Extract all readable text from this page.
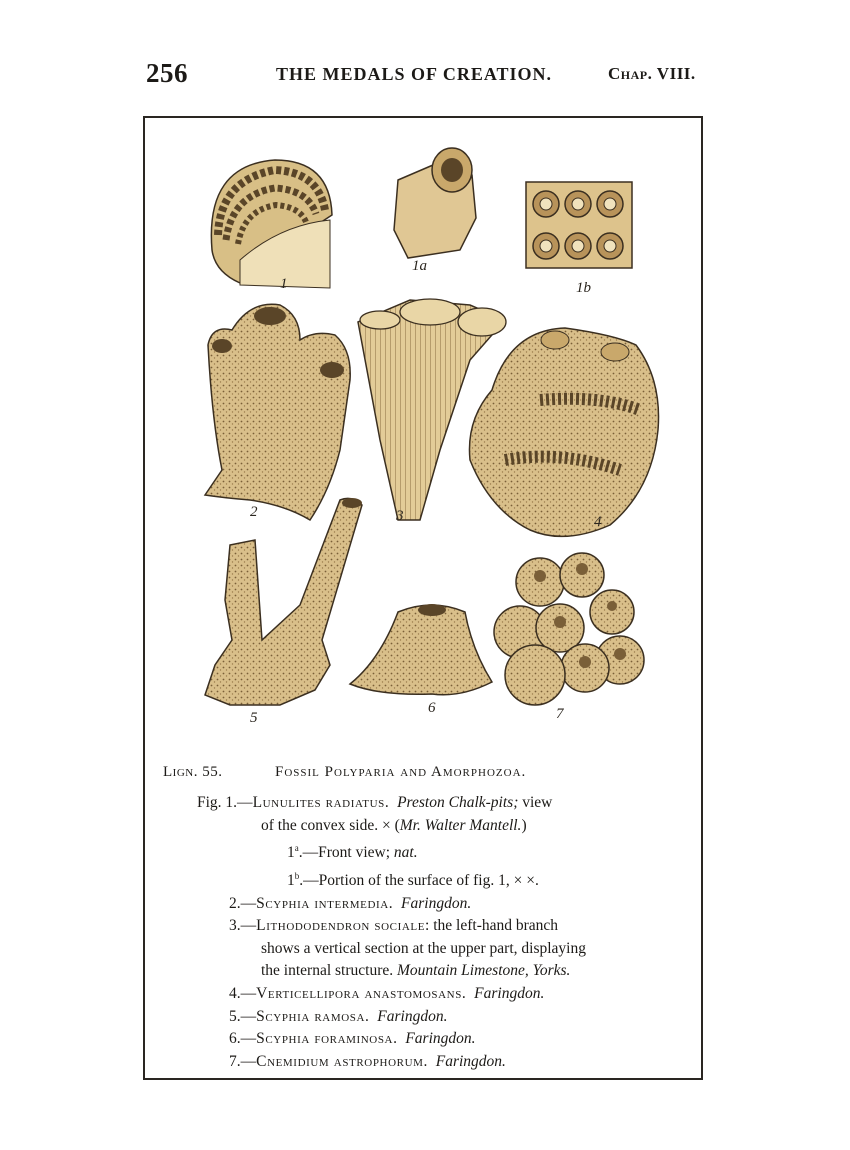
256	THE MEDALS OF CREATION.	Chap. VIII.
1
1a
1b
2	3	4
5
6	7
Lign. 55.	Fossil Polyparia and Amorphozoa.
Fig. 1.—Lunulites radiatus. Preston Chalk-pits; view
of the convex side. × (Mr. Walter Mantell.)
1$^a$.—Front view; nat.
1$^b$.—Portion of the surface of fig. 1, × ×.
2.—Scyphia intermedia. Faringdon.
3.—Lithododendron sociale: the left-hand branch
shows a vertical section at the upper part, displaying
the internal structure. Mountain Limestone, Yorks.
4.—Verticellipora anastomosans. Faringdon.
5.—Scyphia ramosa. Faringdon.
6.—Scyphia foraminosa. Faringdon.
7.—Cnemidium astrophorum. Faringdon.
